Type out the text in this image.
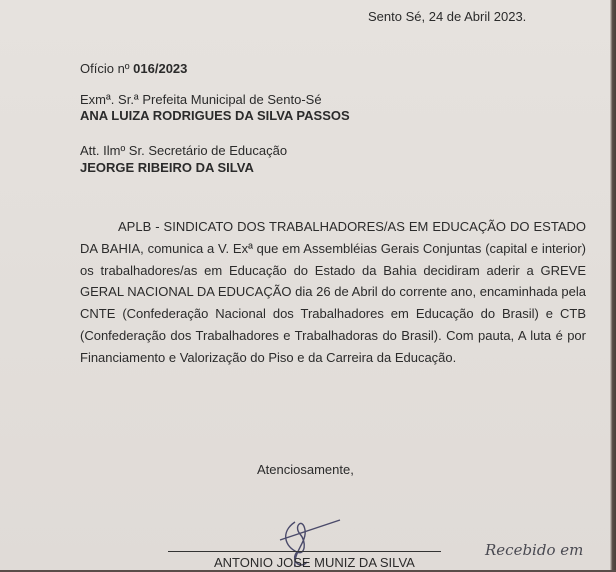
Sento Sé, 24 de Abril 2023.
Ofício nº 016/2023
Exmª. Sr.ª Prefeita Municipal de Sento-Sé
ANA LUIZA RODRIGUES DA SILVA PASSOS
Att. Ilmº Sr. Secretário de Educação
JEORGE RIBEIRO DA SILVA
APLB - SINDICATO DOS TRABALHADORES/AS EM EDUCAÇÃO DO ESTADO DA BAHIA, comunica a V. Exª que em Assembléias Gerais Conjuntas (capital e interior) os trabalhadores/as em Educação do Estado da Bahia decidiram aderir a GREVE GERAL NACIONAL DA EDUCAÇÃO dia 26 de Abril do corrente ano, encaminhada pela CNTE (Confederação Nacional dos Trabalhadores em Educação do Brasil) e CTB (Confederação dos Trabalhadores e Trabalhadoras do Brasil). Com pauta, A luta é por Financiamento e Valorização do Piso e da Carreira da Educação.
Atenciosamente,
ANTONIO JOSE MUNIZ DA SILVA
Recebido em
